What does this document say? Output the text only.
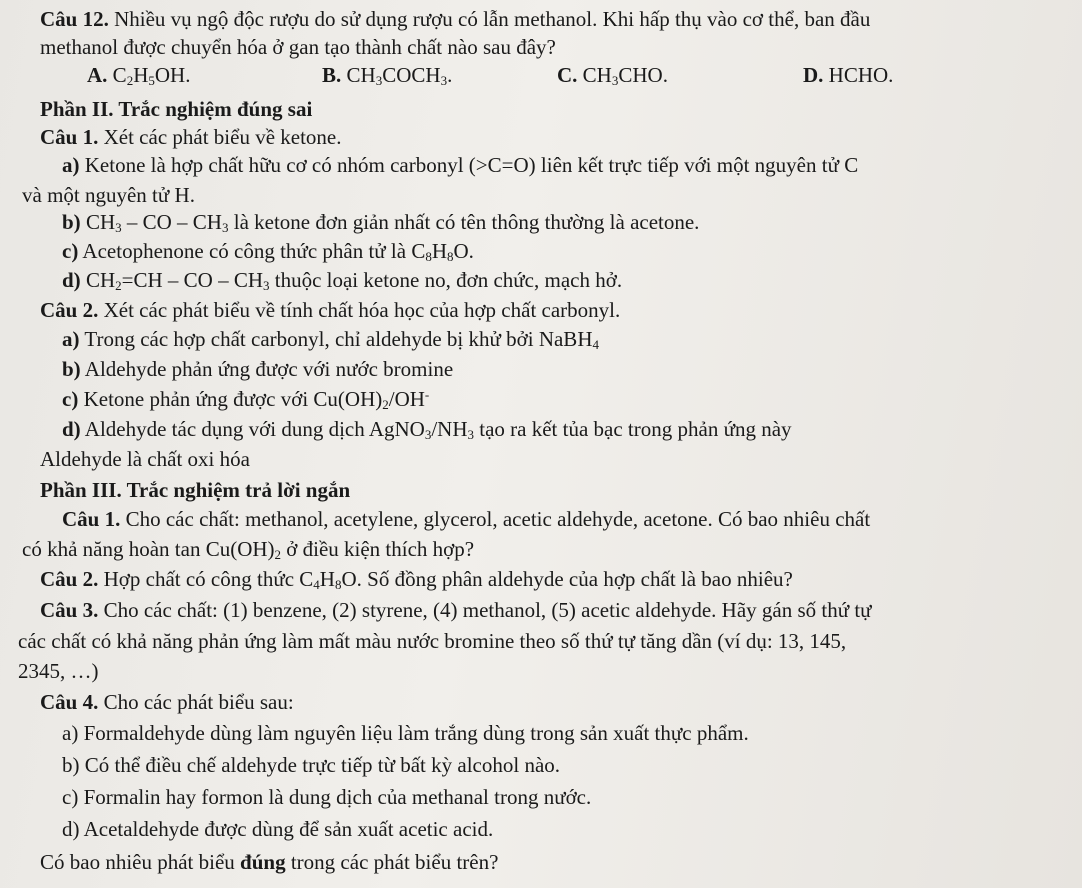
Câu 12. Nhiều vụ ngộ độc rượu do sử dụng rượu có lẫn methanol. Khi hấp thụ vào cơ thể, ban đầu
methanol được chuyển hóa ở gan tạo thành chất nào sau đây?
A. $C_2H_5OH$.	B. $CH_3COCH_3$.	C. $CH_3CHO$.	D. HCHO.
Phần II. Trắc nghiệm đúng sai
Câu 1. Xét các phát biểu về ketone.
a) Ketone là hợp chất hữu cơ có nhóm carbonyl (>C=O) liên kết trực tiếp với một nguyên tử C
và một nguyên tử H.
b) $CH_3$ – CO – $CH_3$ là ketone đơn giản nhất có tên thông thường là acetone.
c) Acetophenone có công thức phân tử là $C_8H_8O$.
d) $CH_2=CH$ – CO – $CH_3$ thuộc loại ketone no, đơn chức, mạch hở.
Câu 2. Xét các phát biểu về tính chất hóa học của hợp chất carbonyl.
a) Trong các hợp chất carbonyl, chỉ aldehyde bị khử bởi NaBH$_4$
b) Aldehyde phản ứng được với nước bromine
c) Ketone phản ứng được với $Cu(OH)_2/OH^-$
d) Aldehyde tác dụng với dung dịch $AgNO_3/NH_3$ tạo ra kết tủa bạc trong phản ứng này
Aldehyde là chất oxi hóa
Phần III. Trắc nghiệm trả lời ngắn
Câu 1. Cho các chất: methanol, acetylene, glycerol, acetic aldehyde, acetone. Có bao nhiêu chất
có khả năng hoàn $\tan Cu(OH)_2$ ở điều kiện thích hợp?
Câu 2. Hợp chất có công thức $C_4H_8O$. Số đồng phân aldehyde của hợp chất là bao nhiêu?
Câu 3. Cho các chất: (1) benzene, (2) styrene, (4) methanol, (5) acetic aldehyde. Hãy gán số thứ tự
các chất có khả năng phản ứng làm mất màu nước bromine theo số thứ tự tăng dần (ví dụ: 13, 145,
2345, …)
Câu 4. Cho các phát biểu sau:
a) Formaldehyde dùng làm nguyên liệu làm trắng dùng trong sản xuất thực phẩm.
b) Có thể điều chế aldehyde trực tiếp từ bất kỳ alcohol nào.
c) Formalin hay formon là dung dịch của methanal trong nước.
d) Acetaldehyde được dùng để sản xuất acetic acid.
Có bao nhiêu phát biểu đúng trong các phát biểu trên?
